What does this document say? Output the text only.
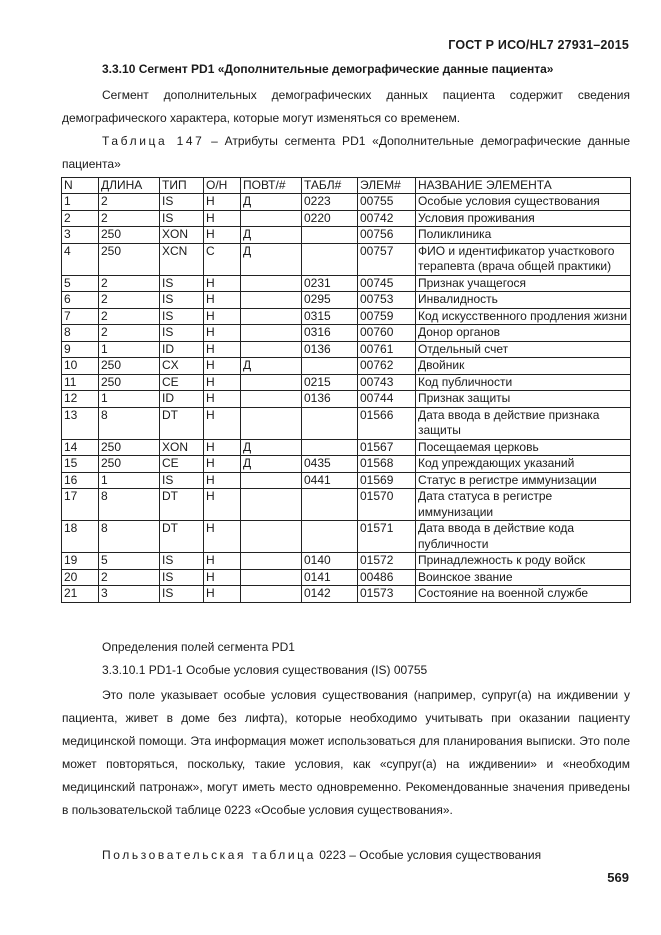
ГОСТ Р ИСО/HL7 27931–2015
3.3.10 Сегмент PD1 «Дополнительные демографические данные пациента»
Сегмент дополнительных демографических данных пациента содержит сведения демографического характера, которые могут изменяться со временем.
Таблица 147 – Атрибуты сегмента PD1 «Дополнительные демографические данные пациента»
N	ДЛИНА	ТИП	О/Н	ПОВТ/#	ТАБЛ#	ЭЛЕМ#	НАЗВАНИЕ ЭЛЕМЕНТА
1	2	IS	Н	Д	0223	00755	Особые условия существования
2	2	IS	Н		0220	00742	Условия проживания
3	250	XON	Н	Д		00756	Поликлиника
4	250	XCN	С	Д		00757	ФИО и идентификатор участкового терапевта (врача общей практики)
5	2	IS	Н		0231	00745	Признак учащегося
6	2	IS	Н		0295	00753	Инвалидность
7	2	IS	Н		0315	00759	Код искусственного продления жизни
8	2	IS	Н		0316	00760	Донор органов
9	1	ID	Н		0136	00761	Отдельный счет
10	250	CX	Н	Д		00762	Двойник
11	250	CE	Н		0215	00743	Код публичности
12	1	ID	Н		0136	00744	Признак защиты
13	8	DT	Н			01566	Дата ввода в действие признака защиты
14	250	XON	Н	Д		01567	Посещаемая церковь
15	250	CE	Н	Д	0435	01568	Код упреждающих указаний
16	1	IS	Н		0441	01569	Статус в регистре иммунизации
17	8	DT	Н			01570	Дата статуса в регистре иммунизации
18	8	DT	Н			01571	Дата ввода в действие кода публичности
19	5	IS	Н		0140	01572	Принадлежность к роду войск
20	2	IS	Н		0141	00486	Воинское звание
21	3	IS	Н		0142	01573	Состояние на военной службе
Определения полей сегмента PD1
3.3.10.1 PD1-1 Особые условия существования (IS) 00755
Это поле указывает особые условия существования (например, супруг(а) на иждивении у пациента, живет в доме без лифта), которые необходимо учитывать при оказании пациенту медицинской помощи. Эта информация может использоваться для планирования выписки. Это поле может повторяться, поскольку, такие условия, как «супруг(а) на иждивении» и «необходим медицинский патронаж», могут иметь место одновременно. Рекомендованные значения приведены в пользовательской таблице 0223 «Особые условия существования».
Пользовательская таблица 0223 – Особые условия существования
569
